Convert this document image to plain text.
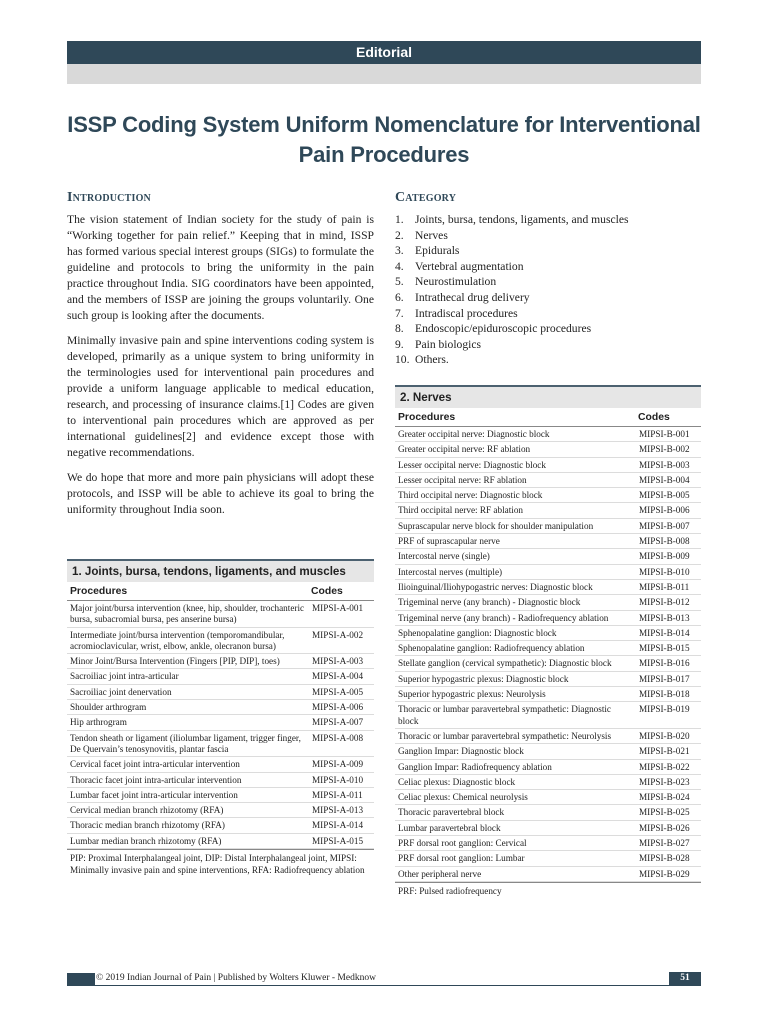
Editorial
ISSP Coding System Uniform Nomenclature for Interventional Pain Procedures
Introduction

The vision statement of Indian society for the study of pain is “Working together for pain relief.” Keeping that in mind, ISSP has formed various special interest groups (SIGs) to formulate the guideline and protocols to bring the uniformity in the pain practice throughout India. SIG coordinators have been appointed, and the members of ISSP are joining the groups voluntarily. One such group is looking after the documents.

Minimally invasive pain and spine interventions coding system is developed, primarily as a unique system to bring uniformity in the terminologies used for interventional pain procedures and provide a uniform language applicable to medical education, research, and processing of insurance claims.[1] Codes are given to interventional pain procedures which are approved as per international guidelines[2] and evidence except those with negative recommendations.

We do hope that more and more pain physicians will adopt these protocols, and ISSP will be able to achieve its goal to bring the uniformity throughout India soon.

Category
1. Joints, bursa, tendons, ligaments, and muscles
2. Nerves
3. Epidurals
4. Vertebral augmentation
5. Neurostimulation
6. Intrathecal drug delivery
7. Intradiscal procedures
8. Endoscopic/epiduroscopic procedures
9. Pain biologics
10. Others.
1. Joints, bursa, tendons, ligaments, and muscles
Procedures	Codes
Major joint/bursa intervention (knee, hip, shoulder, trochanteric bursa, subacromial bursa, pes anserine bursa)
MIPSI-A-001
Intermediate joint/bursa intervention (temporomandibular, acromioclavicular, wrist, elbow, ankle, olecranon bursa)
MIPSI-A-002
Minor Joint/Bursa Intervention (Fingers [PIP, DIP], toes)	MIPSI-A-003
Sacroiliac joint intra-articular	MIPSI-A-004
Sacroiliac joint denervation	MIPSI-A-005
Shoulder arthrogram	MIPSI-A-006
Hip arthrogram	MIPSI-A-007
Tendon sheath or ligament (iliolumbar ligament, trigger finger, De Quervain’s tenosynovitis, plantar fascia
MIPSI-A-008
Cervical facet joint intra-articular intervention	MIPSI-A-009
Thoracic facet joint intra-articular intervention	MIPSI-A-010
Lumbar facet joint intra-articular intervention	MIPSI-A-011
Cervical median branch rhizotomy (RFA)	MIPSI-A-013
Thoracic median branch rhizotomy (RFA)	MIPSI-A-014
Lumbar median branch rhizotomy (RFA)	MIPSI-A-015
PIP: Proximal Interphalangeal joint, DIP: Distal Interphalangeal joint, MIPSI: Minimally invasive pain and spine interventions, RFA: Radiofrequency ablation
2. Nerves
Procedures	Codes
Greater occipital nerve: Diagnostic block	MIPSI-B-001
Greater occipital nerve: RF ablation	MIPSI-B-002
Lesser occipital nerve: Diagnostic block	MIPSI-B-003
Lesser occipital nerve: RF ablation	MIPSI-B-004
Third occipital nerve: Diagnostic block	MIPSI-B-005
Third occipital nerve: RF ablation	MIPSI-B-006
Suprascapular nerve block for shoulder manipulation	MIPSI-B-007
PRF of suprascapular nerve	MIPSI-B-008
Intercostal nerve (single)	MIPSI-B-009
Intercostal nerves (multiple)	MIPSI-B-010
Ilioinguinal/Iliohypogastric nerves: Diagnostic block	MIPSI-B-011
Trigeminal nerve (any branch) - Diagnostic block	MIPSI-B-012
Trigeminal nerve (any branch) - Radiofrequency ablation	MIPSI-B-013
Sphenopalatine ganglion: Diagnostic block	MIPSI-B-014
Sphenopalatine ganglion: Radiofrequency ablation	MIPSI-B-015
Stellate ganglion (cervical sympathetic): Diagnostic block	MIPSI-B-016
Superior hypogastric plexus: Diagnostic block	MIPSI-B-017
Superior hypogastric plexus: Neurolysis	MIPSI-B-018
Thoracic or lumbar paravertebral sympathetic: Diagnostic block
MIPSI-B-019
Thoracic or lumbar paravertebral sympathetic: Neurolysis	MIPSI-B-020
Ganglion Impar: Diagnostic block	MIPSI-B-021
Ganglion Impar: Radiofrequency ablation	MIPSI-B-022
Celiac plexus: Diagnostic block	MIPSI-B-023
Celiac plexus: Chemical neurolysis	MIPSI-B-024
Thoracic paravertebral block	MIPSI-B-025
Lumbar paravertebral block	MIPSI-B-026
PRF dorsal root ganglion: Cervical	MIPSI-B-027
PRF dorsal root ganglion: Lumbar	MIPSI-B-028
Other peripheral nerve	MIPSI-B-029
PRF: Pulsed radiofrequency
© 2019 Indian Journal of Pain | Published by Wolters Kluwer - Medknow	51
